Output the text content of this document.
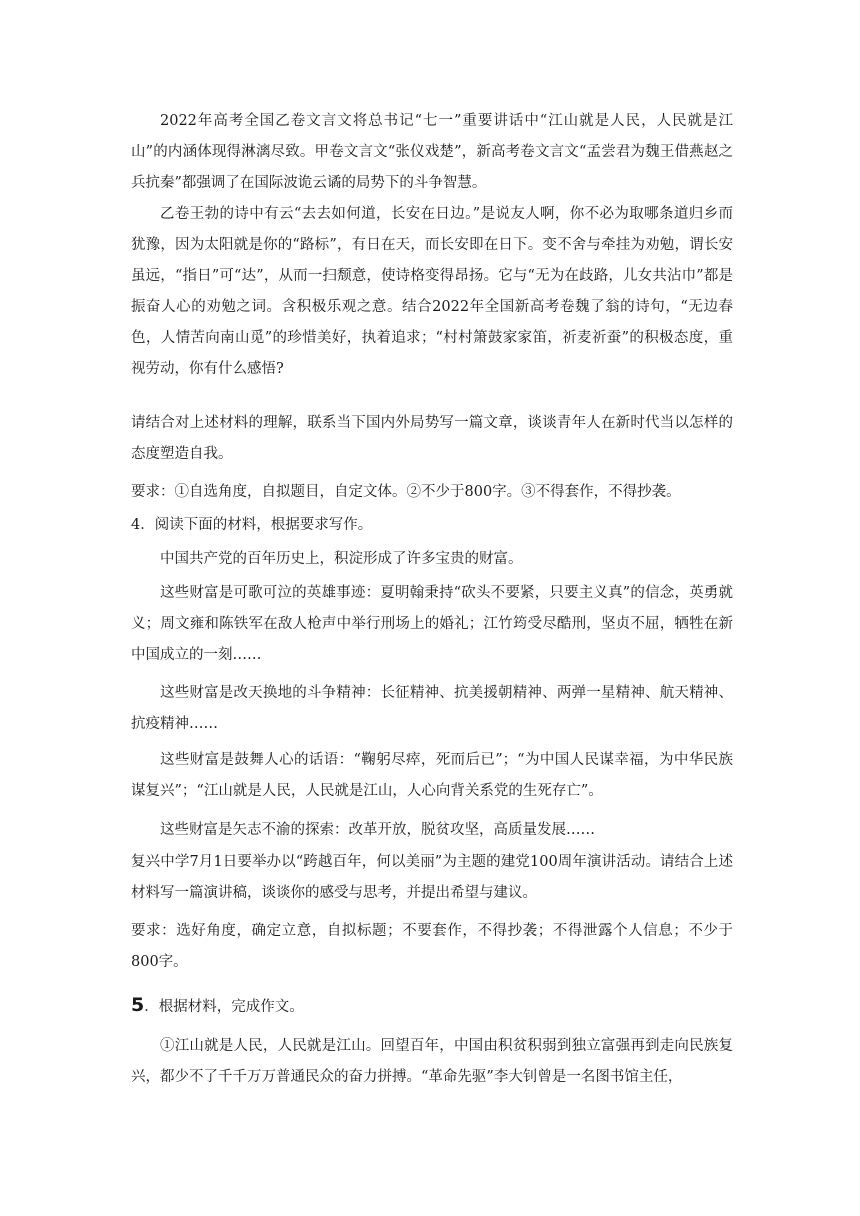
2022年高考全国乙卷文言文将总书记“七一”重要讲话中“江山就是人民，人民就是江山”的内涵体现得淋漓尽致。甲卷文言文“张仪戏楚”，新高考卷文言文“孟尝君为魏王借燕赵之兵抗秦”都强调了在国际波诡云谲的局势下的斗争智慧。

乙卷王勃的诗中有云“去去如何道，长安在日边。”是说友人啊，你不必为取哪条道归乡而犹豫，因为太阳就是你的“路标”，有日在天，而长安即在日下。变不舍与牵挂为劝勉，谓长安虽远，“指日”可“达”，从而一扫颓意，使诗格变得昂扬。它与“无为在歧路，儿女共沾巾”都是振奋人心的劝勉之词。含积极乐观之意。结合2022年全国新高考卷魏了翁的诗句，“无边春色，人情苦向南山觅”的珍惜美好，执着追求；“村村箫鼓家家笛，祈麦祈蚕”的积极态度，重视劳动，你有什么感悟?

请结合对上述材料的理解，联系当下国内外局势写一篇文章，谈谈青年人在新时代当以怎样的态度塑造自我。

要求：①自选角度，自拟题目，自定文体。②不少于800字。③不得套作，不得抄袭。

4．阅读下面的材料，根据要求写作。

中国共产党的百年历史上，积淀形成了许多宝贵的财富。

这些财富是可歌可泣的英雄事迹：夏明翰秉持“砍头不要紧，只要主义真”的信念，英勇就义；周文雍和陈铁军在敌人枪声中举行刑场上的婚礼；江竹筠受尽酷刑，坚贞不屈，牺牲在新中国成立的一刻……

这些财富是改天换地的斗争精神：长征精神、抗美援朝精神、两弹一星精神、航天精神、抗疫精神……

这些财富是鼓舞人心的话语：“鞠躬尽瘁，死而后已”；“为中国人民谋幸福，为中华民族谋复兴”；“江山就是人民，人民就是江山，人心向背关系党的生死存亡”。

这些财富是矢志不渝的探索：改革开放，脱贫攻坚，高质量发展……

复兴中学7月1日要举办以“跨越百年，何以美丽”为主题的建党100周年演讲活动。请结合上述材料写一篇演讲稿，谈谈你的感受与思考，并提出希望与建议。

要求：选好角度，确定立意，自拟标题；不要套作，不得抄袭；不得泄露个人信息；不少于800字。

5．根据材料，完成作文。

①江山就是人民，人民就是江山。回望百年，中国由积贫积弱到独立富强再到走向民族复兴，都少不了千千万万普通民众的奋力拼搏。“革命先驱”李大钊曾是一名图书馆主任，
